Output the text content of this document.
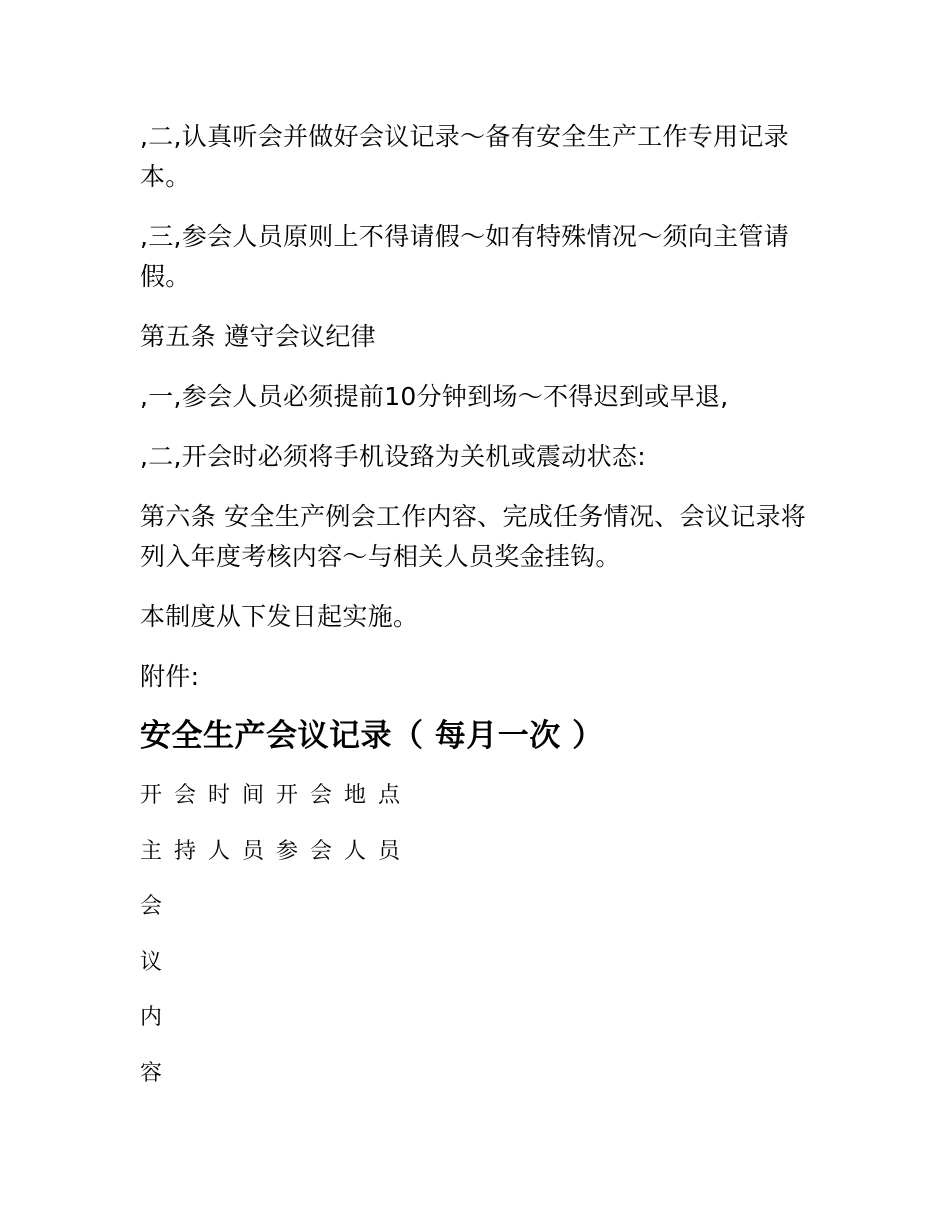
,二,认真听会并做好会议记录～备有安全生产工作专用记录本。

,三,参会人员原则上不得请假～如有特殊情况～须向主管请假。

第五条 遵守会议纪律

,一,参会人员必须提前10分钟到场～不得迟到或早退,

,二,开会时必须将手机设臵为关机或震动状态:

第六条 安全生产例会工作内容、完成任务情况、会议记录将列入年度考核内容～与相关人员奖金挂钩。

本制度从下发日起实施。

附件:

安全生产会议记录（ 每月一次 ）

开会时间开会地点

主持人员参会人员

会

议

内

容
